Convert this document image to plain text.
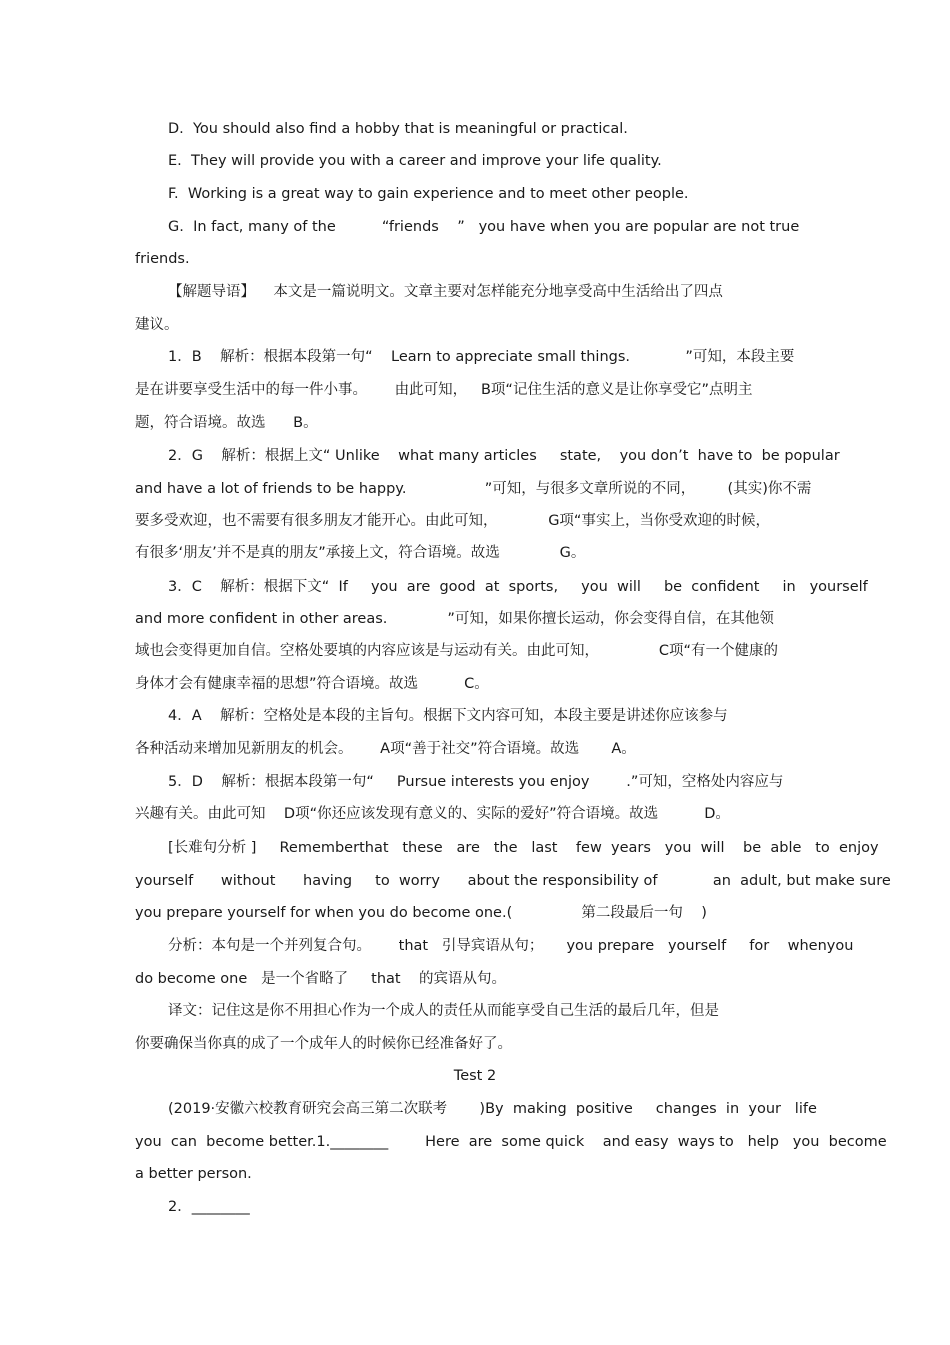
D.  You should also find a hobby that is meaningful or practical.
E.  They will provide you with a career and improve your life quality.
F.  Working is a great way to gain experience and to meet other people.
G.  In fact, many of the          “friends    ”   you have when you are popular are not true
friends.
【解题导语】    本文是一篇说明文。文章主要对怎样能充分地享受高中生活给出了四点
建议。
1．B    解析：根据本段第一句“    Learn to appreciate small things.            ”可知，本段主要
是在讲要享受生活中的每一件小事。      由此可知，   B项“记住生活的意义是让你享受它”点明主
题，符合语境。故选      B。
2．G    解析：根据上文“ Unlike    what many articles     state,    you don’t  have to  be popular
and have a lot of friends to be happy.                 ”可知，与很多文章所说的不同，       (其实)你不需
要多受欢迎，也不需要有很多朋友才能开心。由此可知，           G项“事实上，当你受欢迎的时候，
有很多‘朋友’并不是真的朋友”承接上文，符合语境。故选             G。
3．C    解析：根据下文“  If     you  are  good  at  sports,     you  will     be  confident     in   yourself
and more confident in other areas.             ”可知，如果你擅长运动，你会变得自信，在其他领
域也会变得更加自信。空格处要填的内容应该是与运动有关。由此可知，             C项“有一个健康的
身体才会有健康幸福的思想”符合语境。故选          C。
4．A    解析：空格处是本段的主旨句。根据下文内容可知，本段主要是讲述你应该参与
各种活动来增加见新朋友的机会。      A项“善于社交”符合语境。故选       A。
5．D    解析：根据本段第一句“     Pursue interests you enjoy        .”可知，空格处内容应与
兴趣有关。由此可知    D项“你还应该发现有意义的、实际的爱好”符合语境。故选          D。
[长难句分析 ]     Rememberthat   these   are   the   last    few  years   you  will    be  able   to  enjoy
yourself      without      having     to  worry      about the responsibility of            an  adult, but make sure
you prepare yourself for when you do become one.(               第二段最后一句    )
分析：本句是一个并列复合句。      that   引导宾语从句；     you prepare   yourself     for    whenyou
do become one   是一个省略了     that    的宾语从句。
译文：记住这是你不用担心作为一个成人的责任从而能享受自己生活的最后几年，但是
你要确保当你真的成了一个成年人的时候你已经准备好了。
Test 2
(2019·安徽六校教育研究会高三第二次联考       )By  making  positive     changes  in  your   life
you  can  become better.1.________        Here  are  some quick    and easy  ways to   help   you  become
a better person.
2．________
